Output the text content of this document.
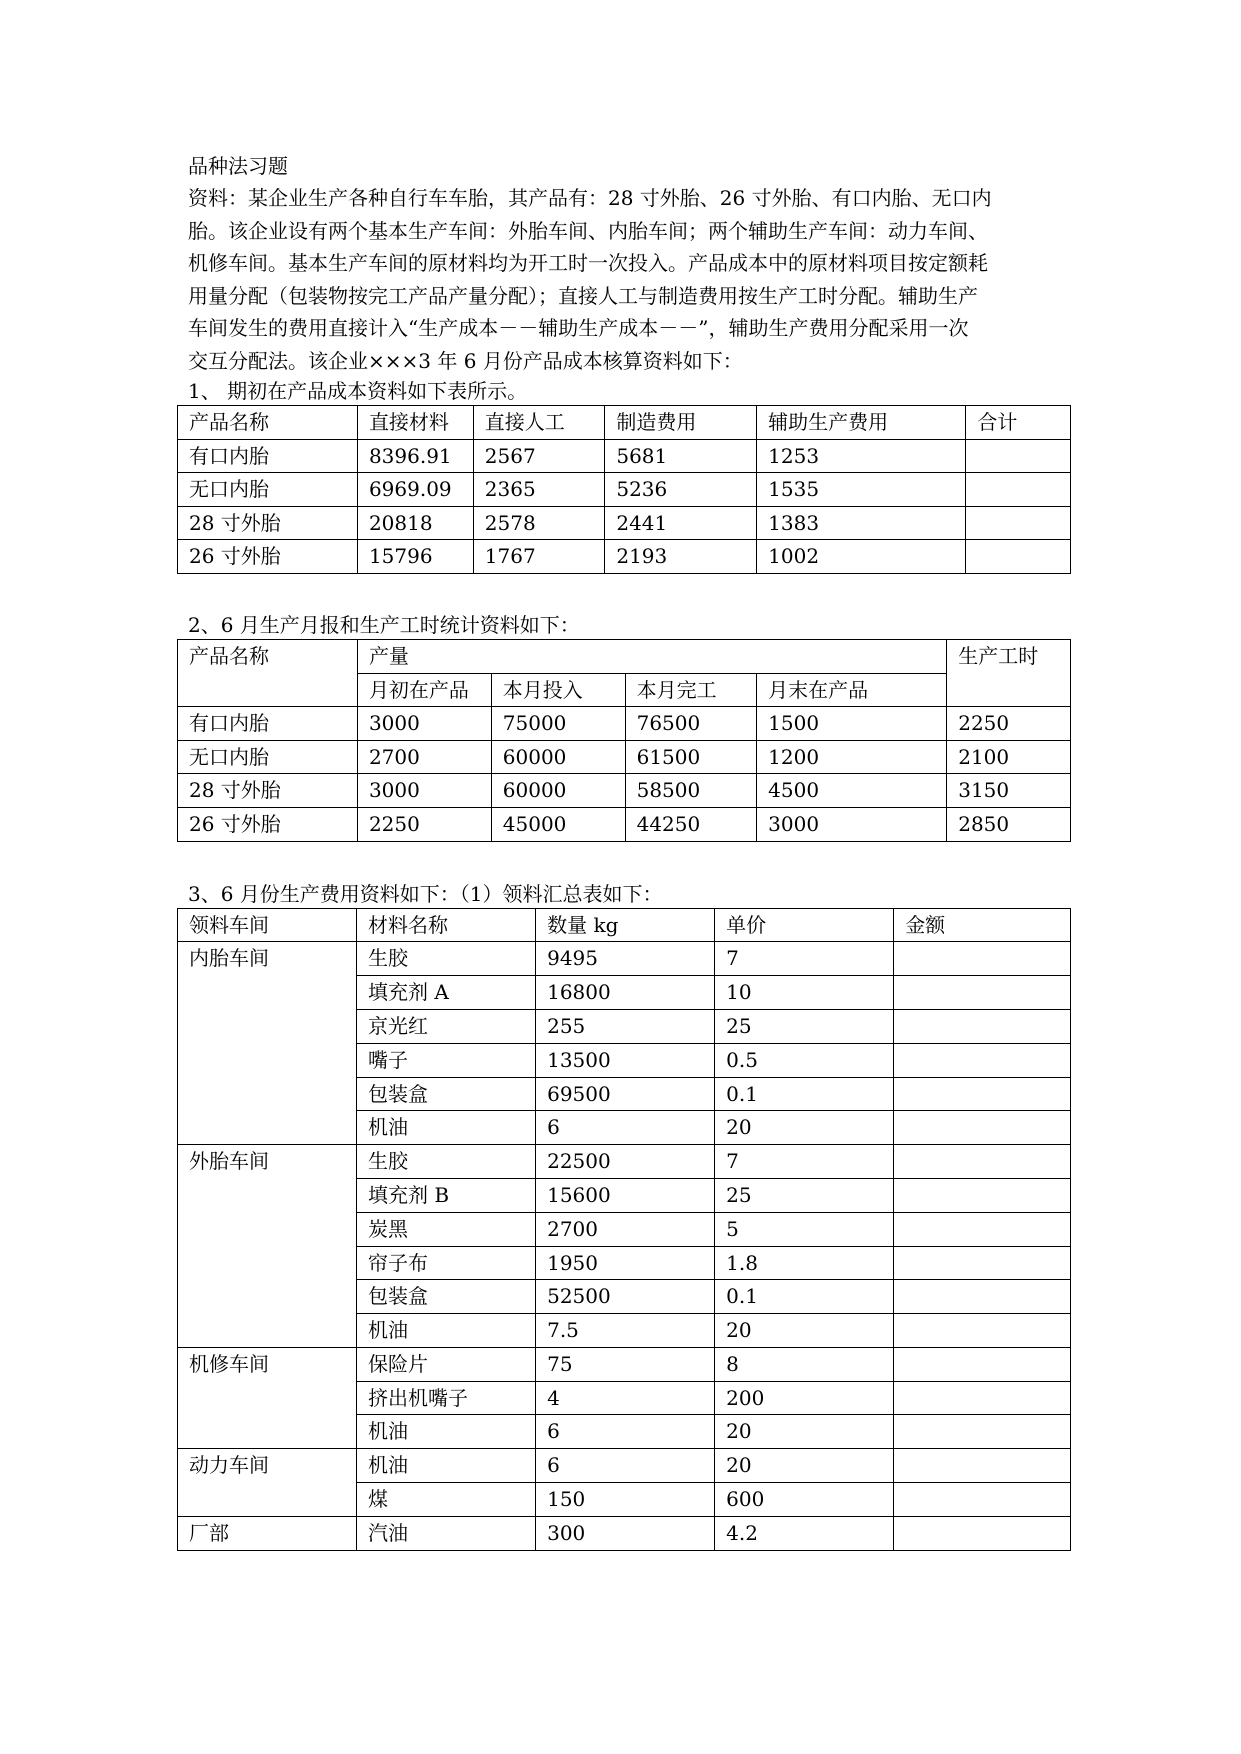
品种法习题

资料：某企业生产各种自行车车胎，其产品有：28 寸外胎、26 寸外胎、有口内胎、无口内
胎。该企业设有两个基本生产车间：外胎车间、内胎车间；两个辅助生产车间：动力车间、
机修车间。基本生产车间的原材料均为开工时一次投入。产品成本中的原材料项目按定额耗
用量分配（包装物按完工产品产量分配）；直接人工与制造费用按生产工时分配。辅助生产
车间发生的费用直接计入“生产成本－－辅助生产成本－－”，辅助生产费用分配采用一次
交互分配法。该企业×××3 年 6 月份产品成本核算资料如下：

1、 期初在产品成本资料如下表所示。

产品名称	直接材料	直接人工	制造费用	辅助生产费用	合计
有口内胎	8396.91	2567	5681	1253	
无口内胎	6969.09	2365	5236	1535	
28 寸外胎	20818	2578	2441	1383	
26 寸外胎	15796	1767	2193	1002	

2、6 月生产月报和生产工时统计资料如下：

产品名称	产量				生产工时
	月初在产品	本月投入	本月完工	月末在产品	
有口内胎	3000	75000	76500	1500	2250
无口内胎	2700	60000	61500	1200	2100
28 寸外胎	3000	60000	58500	4500	3150
26 寸外胎	2250	45000	44250	3000	2850

3、6 月份生产费用资料如下：（1）领料汇总表如下：

领料车间	材料名称	数量 kg	单价	金额
内胎车间	生胶	9495	7	
	填充剂 A	16800	10	
	京光红	255	25	
	嘴子	13500	0.5	
	包装盒	69500	0.1	
	机油	6	20	
外胎车间	生胶	22500	7	
	填充剂 B	15600	25	
	炭黑	2700	5	
	帘子布	1950	1.8	
	包装盒	52500	0.1	
	机油	7.5	20	
机修车间	保险片	75	8	
	挤出机嘴子	4	200	
	机油	6	20	
动力车间	机油	6	20	
	煤	150	600	
厂部	汽油	300	4.2	
